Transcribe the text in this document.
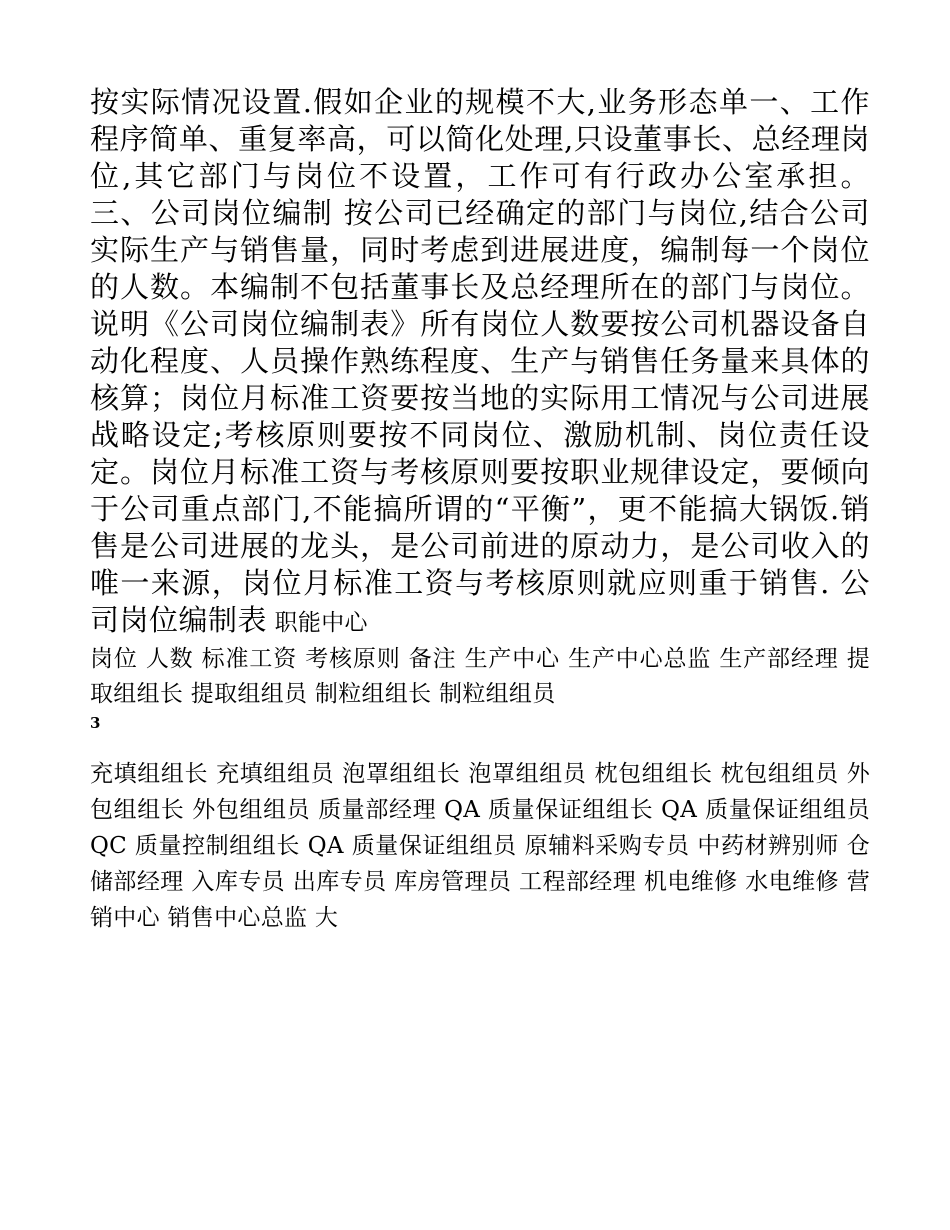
按实际情况设置.假如企业的规模不大,业务形态单一、工作程序简单、重复率高，可以简化处理,只设董事长、总经理岗位,其它部门与岗位不设置，工作可有行政办公室承担。 三、公司岗位编制 按公司已经确定的部门与岗位,结合公司实际生产与销售量，同时考虑到进展进度，编制每一个岗位的人数。本编制不包括董事长及总经理所在的部门与岗位。说明《公司岗位编制表》所有岗位人数要按公司机器设备自动化程度、人员操作熟练程度、生产与销售任务量来具体的核算；岗位月标准工资要按当地的实际用工情况与公司进展战略设定;考核原则要按不同岗位、激励机制、岗位责任设定。岗位月标准工资与考核原则要按职业规律设定，要倾向于公司重点部门,不能搞所谓的“平衡”，更不能搞大锅饭.销售是公司进展的龙头，是公司前进的原动力，是公司收入的唯一来源，岗位月标准工资与考核原则就应则重于销售. 公司岗位编制表 职能中心

岗位 人数 标准工资 考核原则 备注 生产中心 生产中心总监 生产部经理 提取组组长 提取组组员 制粒组组长 制粒组组员

3

充填组组长 充填组组员 泡罩组组长 泡罩组组员 枕包组组长 枕包组组员 外包组组长 外包组组员 质量部经理 QA 质量保证组组长 QA 质量保证组组员 QC 质量控制组组长 QA 质量保证组组员 原辅料采购专员 中药材辨别师 仓储部经理 入库专员 出库专员 库房管理员 工程部经理 机电维修 水电维修 营销中心 销售中心总监 大
